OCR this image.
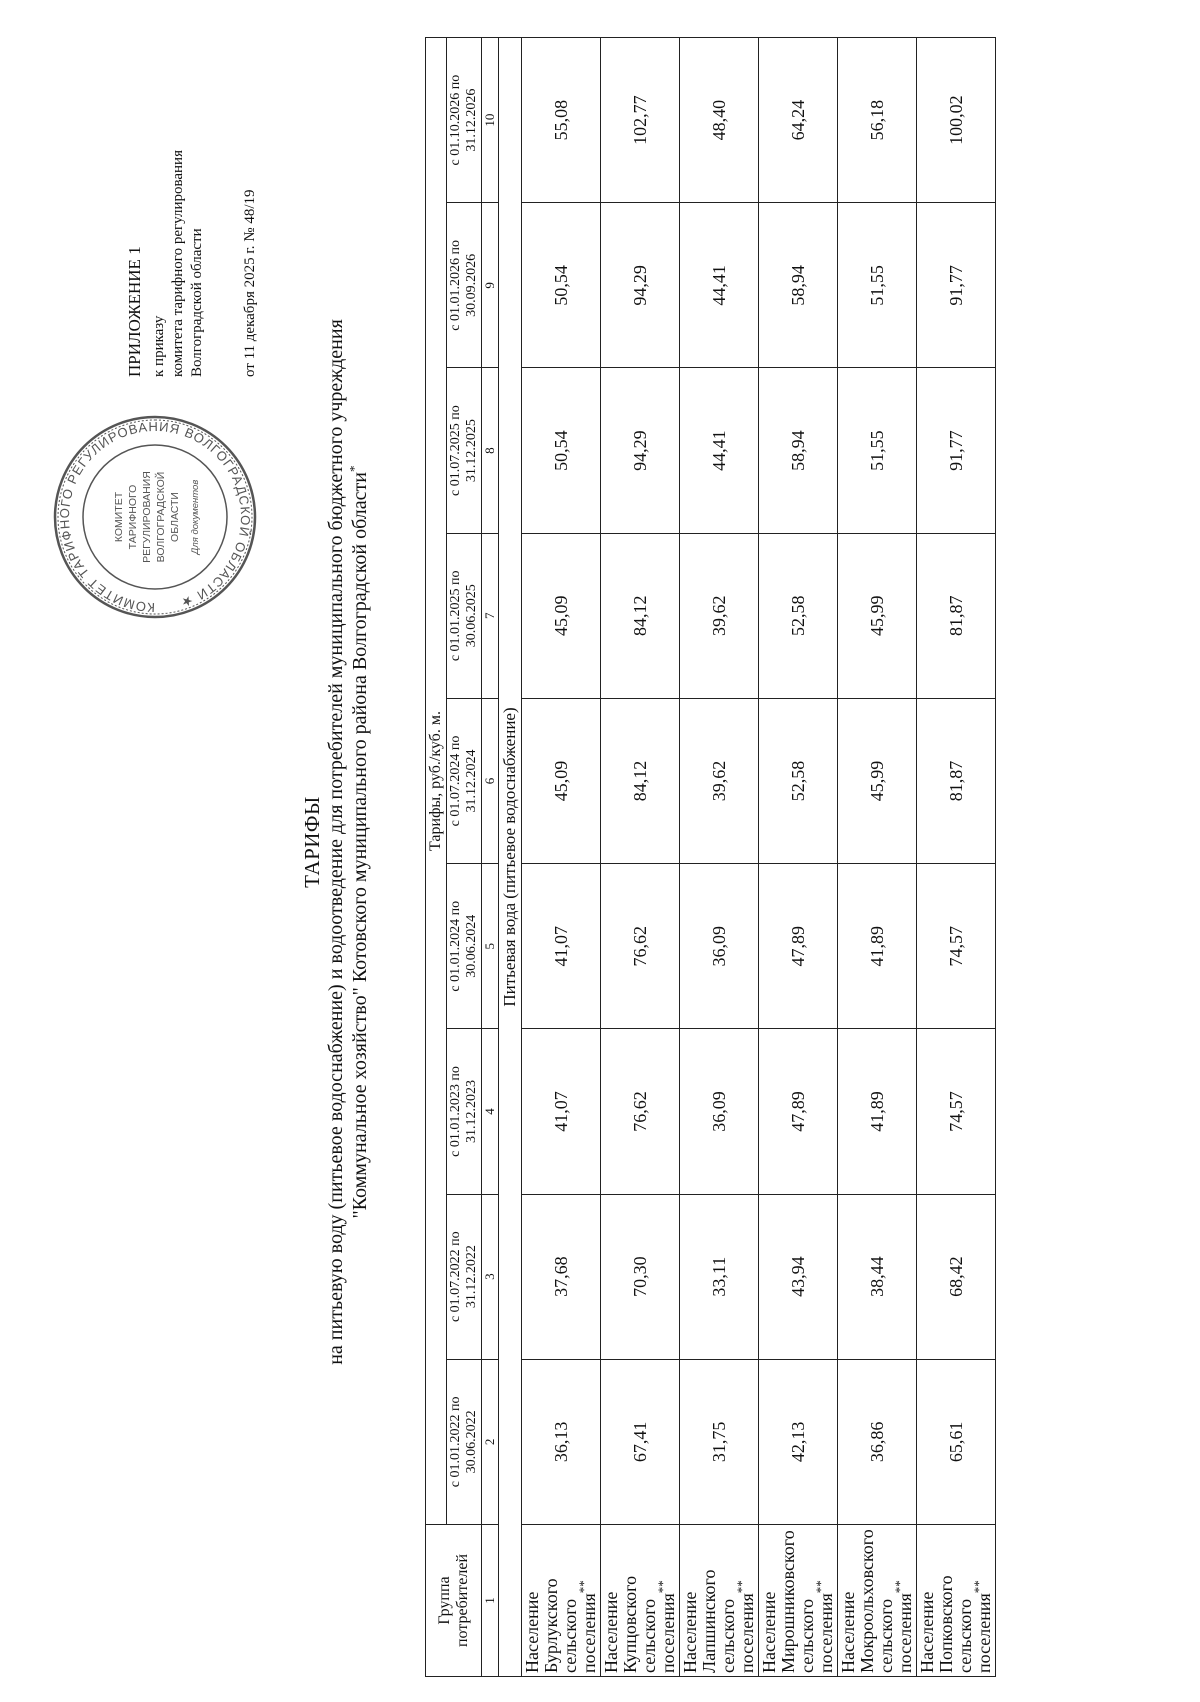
КОМИТЕТ ТАРИФНОГО РЕГУЛИРОВАНИЯ ВОЛГОГРАДСКОЙ ОБЛАСТИ ★
КОМИТЕТ ТАРИФНОГО РЕГУЛИРОВАНИЯ ВОЛГОГРАДСКОЙ ОБЛАСТИ Для документов
ПРИЛОЖЕНИЕ 1 к приказу комитета тарифного регулирования Волгоградской области от 11 декабря 2025 г. № 48/19
ТАРИФЫ на питьевую воду (питьевое водоснабжение) и водоотведение для потребителей муниципального бюджетного учреждения "Коммунальное хозяйство" Котовского муниципального района Волгоградской области*
Группа потребителей	Тарифы, руб./куб. м.								
	с 01.01.2022 по 30.06.2022	с 01.07.2022 по 31.12.2022	с 01.01.2023 по 31.12.2023	с 01.01.2024 по 30.06.2024	с 01.07.2024 по 31.12.2024	с 01.01.2025 по 30.06.2025	с 01.07.2025 по 31.12.2025	с 01.01.2026 по 30.09.2026	с 01.10.2026 по 31.12.2026
1	2	3	4	5	6	7	8	9	10
Питьевая вода (питьевое водоснабжение)									
Население Бурлукского сельского поселения**	36,13	37,68	41,07	41,07	45,09	45,09	50,54	50,54	55,08
Население Купцовского сельского поселения**	67,41	70,30	76,62	76,62	84,12	84,12	94,29	94,29	102,77
Население Лапшинского сельского поселения**	31,75	33,11	36,09	36,09	39,62	39,62	44,41	44,41	48,40
Население Мирошниковского сельского поселения**	42,13	43,94	47,89	47,89	52,58	52,58	58,94	58,94	64,24
Население Мокроольховского сельского поселения**	36,86	38,44	41,89	41,89	45,99	45,99	51,55	51,55	56,18
Население Попковского сельского поселения**	65,61	68,42	74,57	74,57	81,87	81,87	91,77	91,77	100,02
